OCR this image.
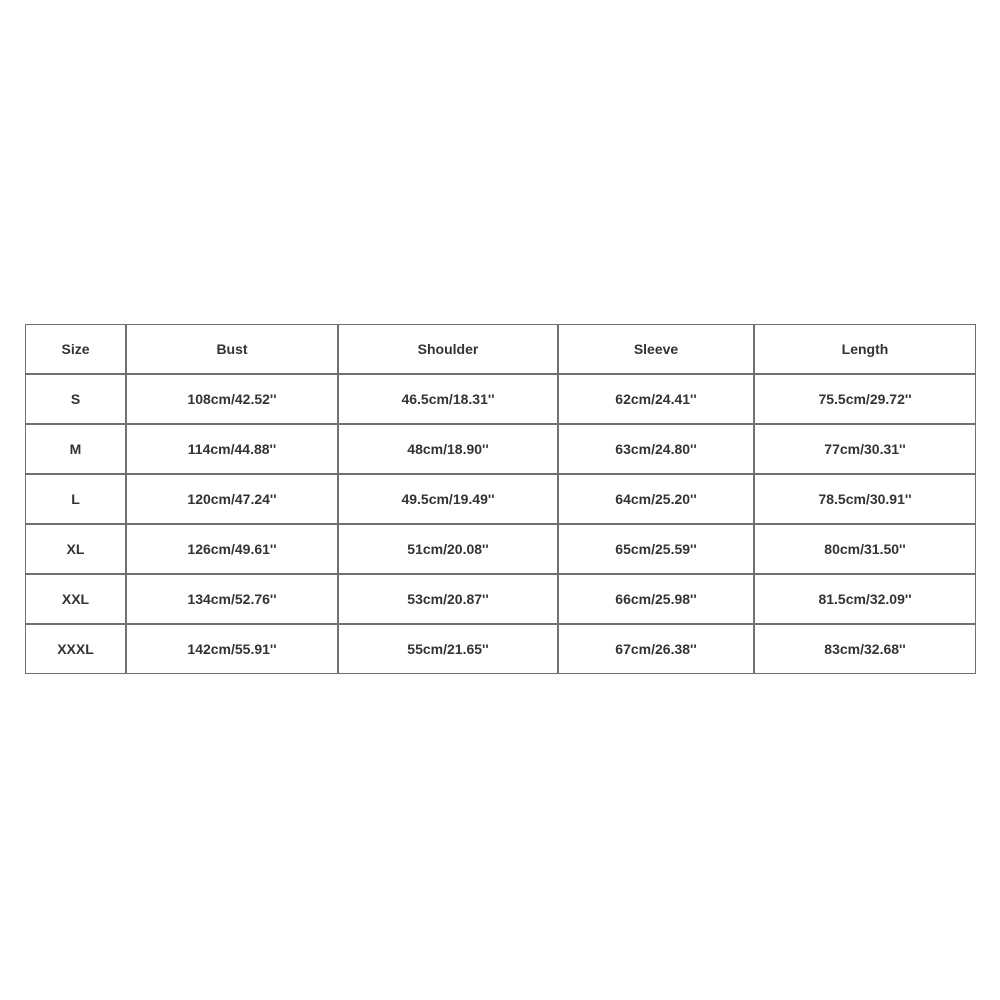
Size	Bust	Shoulder	Sleeve	Length
S	108cm/42.52''	46.5cm/18.31''	62cm/24.41''	75.5cm/29.72''
M	114cm/44.88''	48cm/18.90''	63cm/24.80''	77cm/30.31''
L	120cm/47.24''	49.5cm/19.49''	64cm/25.20''	78.5cm/30.91''
XL	126cm/49.61''	51cm/20.08''	65cm/25.59''	80cm/31.50''
XXL	134cm/52.76''	53cm/20.87''	66cm/25.98''	81.5cm/32.09''
XXXL	142cm/55.91''	55cm/21.65''	67cm/26.38''	83cm/32.68''
